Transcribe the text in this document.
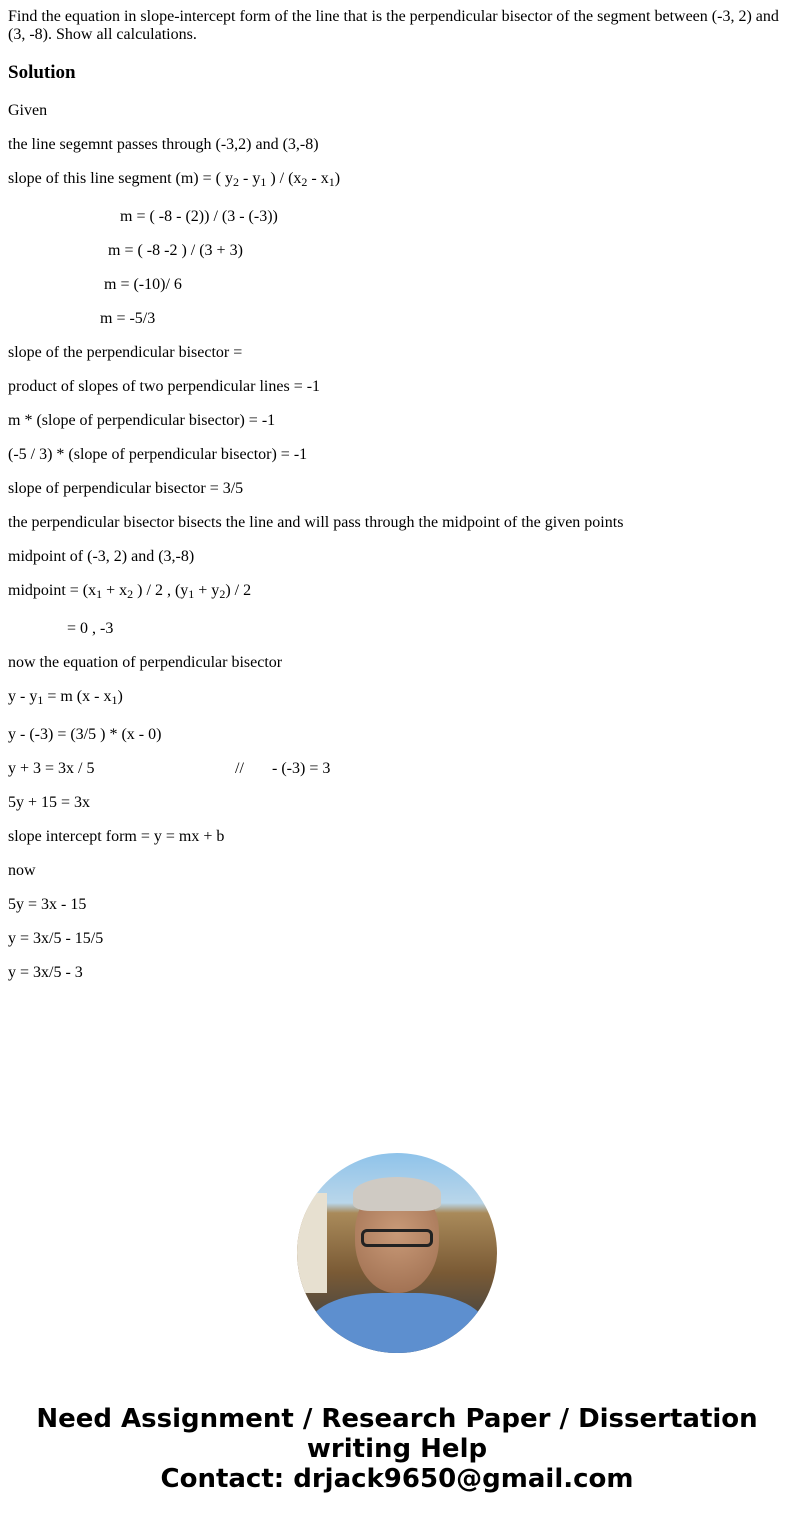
Find the equation in slope-intercept form of the line that is the perpendicular bisector of the segment between (-3, 2) and (3, -8). Show all calculations.

Solution

Given

the line segemnt passes through (-3,2) and (3,-8)

slope of this line segment (m) = ( $y_2 - y_1$ ) / $(x_2 - x_1)$

m = ( -8 - (2)) / (3 - (-3))

m = ( -8 -2 ) / (3 + 3)

m = (-10)/ 6

m = -5/3

slope of the perpendicular bisector =

product of slopes of two perpendicular lines = -1

m * (slope of perpendicular bisector) = -1

(-5 / 3) * (slope of perpendicular bisector) = -1

slope of perpendicular bisector = 3/5

the perpendicular bisector bisects the line and will pass through the midpoint of the given points

midpoint of (-3, 2) and (3,-8)

midpoint = ($x_1 + x_2$ ) / 2 , $(y_1 + y_2) / 2$

= 0 , -3

now the equation of perpendicular bisector

$y - y_1 = m$ $(x - x_1)$

y - (-3) = (3/5 ) * (x - 0)

y + 3 = 3x / 5	// - (-3) = 3

5y + 15 = 3x

slope intercept form = y = mx + b

now

5y = 3x - 15

y = 3x/5 - 15/5

y = 3x/5 - 3

Need Assignment / Research Paper / Dissertation
writing Help
Contact: drjack9650@gmail.com
